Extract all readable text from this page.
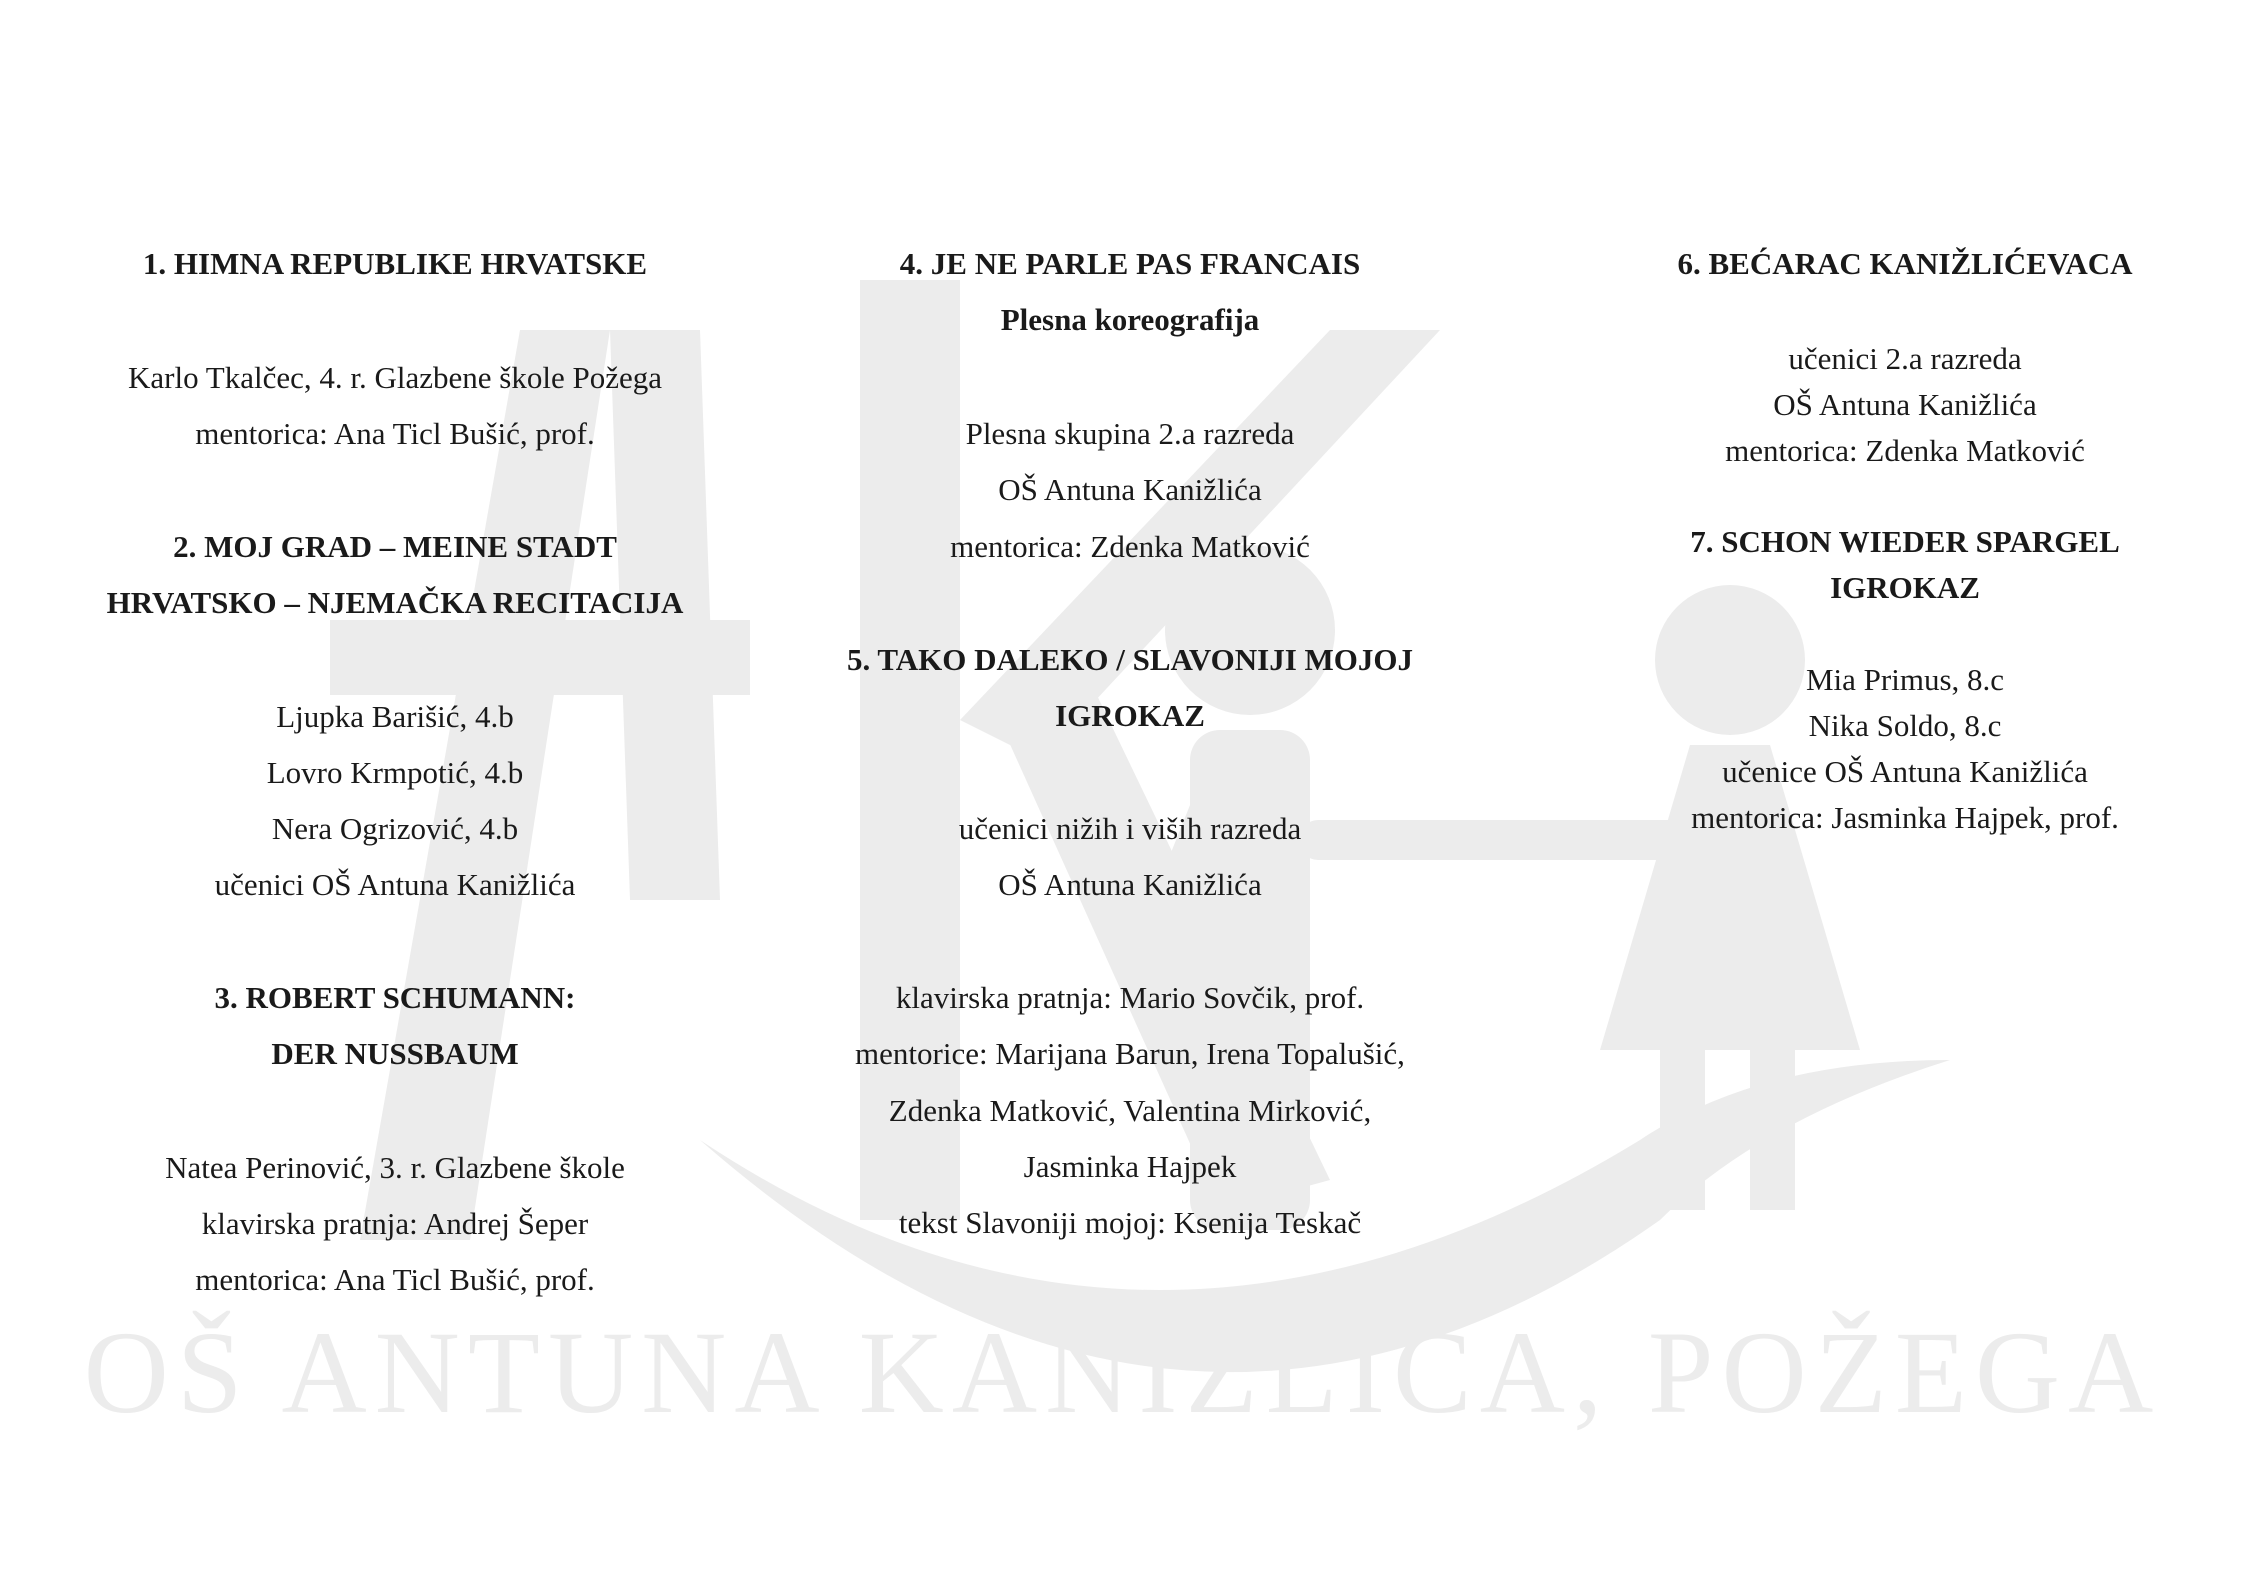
OŠ ANTUNA KANIŽLIĆA, POŽEGA
1. HIMNA REPUBLIKE HRVATSKE
Karlo Tkalčec, 4. r. Glazbene škole Požega
mentorica: Ana Ticl Bušić, prof.
2. MOJ GRAD – MEINE STADT
HRVATSKO – NJEMAČKA RECITACIJA
Ljupka Barišić, 4.b
Lovro Krmpotić, 4.b
Nera Ogrizović, 4.b
učenici OŠ Antuna Kanižlića
3. ROBERT SCHUMANN:
DER NUSSBAUM
Natea Perinović, 3. r. Glazbene škole
klavirska pratnja: Andrej Šeper
mentorica: Ana Ticl Bušić, prof.
4. JE NE PARLE PAS FRANCAIS
Plesna koreografija
Plesna skupina 2.a razreda
OŠ Antuna Kanižlića
mentorica: Zdenka Matković
5. TAKO DALEKO / SLAVONIJI MOJOJ
IGROKAZ
učenici nižih i viših razreda
OŠ Antuna Kanižlića
klavirska pratnja: Mario Sovčik, prof.
mentorice: Marijana Barun, Irena Topalušić,
Zdenka Matković, Valentina Mirković,
Jasminka Hajpek
tekst Slavoniji mojoj: Ksenija Teskač
6. BEĆARAC KANIŽLIĆEVACA
učenici 2.a razreda
OŠ Antuna Kanižlića
mentorica: Zdenka Matković
7. SCHON WIEDER SPARGEL
IGROKAZ
Mia Primus, 8.c
Nika Soldo, 8.c
učenice OŠ Antuna Kanižlića
mentorica: Jasminka Hajpek, prof.
